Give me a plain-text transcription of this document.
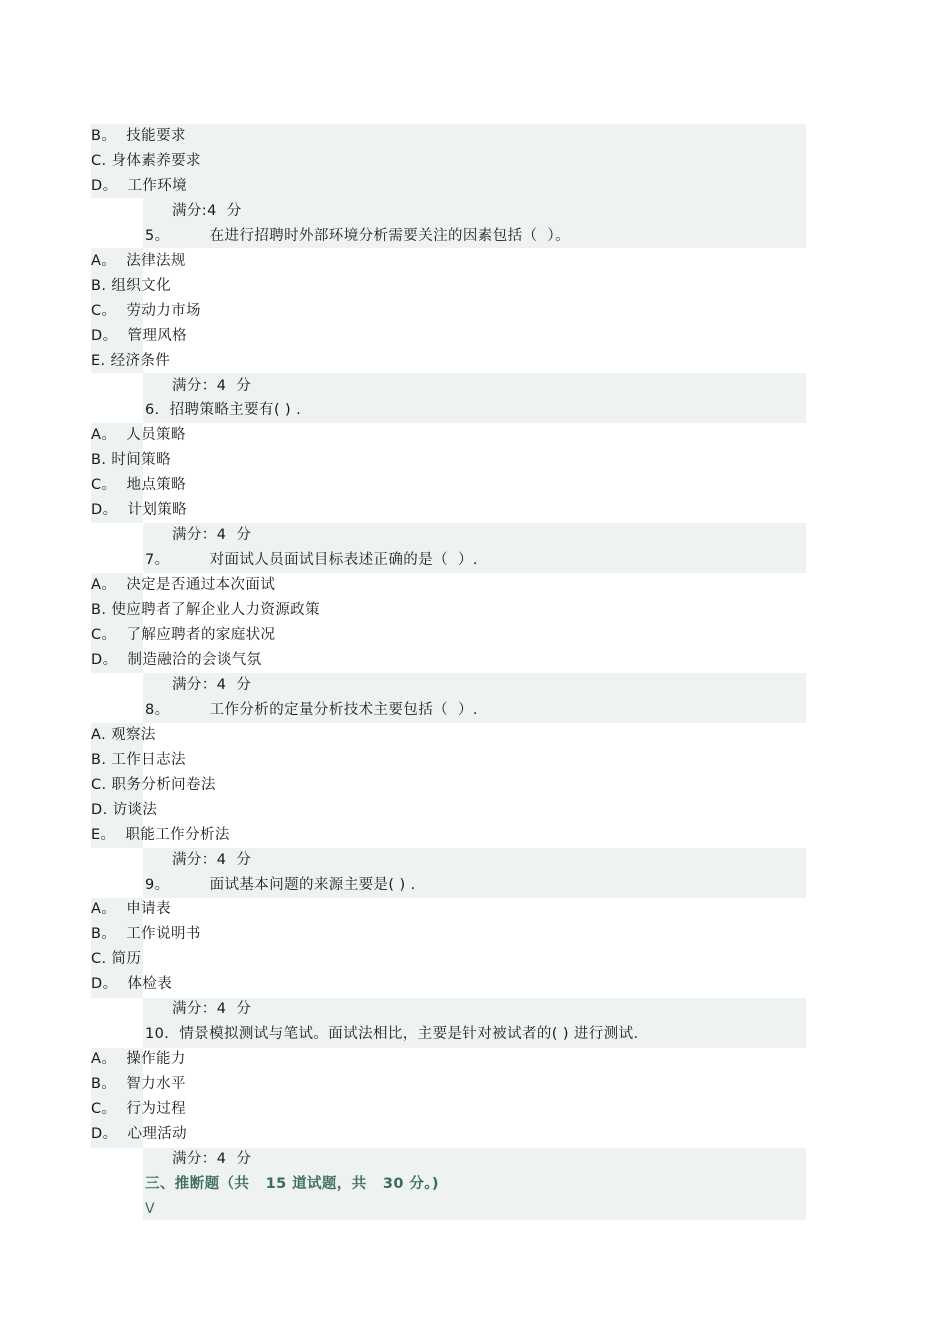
B。  技能要求
C. 身体素养要求
D。  工作环境
满分:4  分
5。        在进行招聘时外部环境分析需要关注的因素包括（  ）。
A。  法律法规
B. 组织文化
C。  劳动力市场
D。  管理风格
E. 经济条件
满分：4  分
6.  招聘策略主要有( ) .
A。  人员策略
B. 时间策略
C。  地点策略
D。  计划策略
满分：4  分
7。        对面试人员面试目标表述正确的是（  ）.
A。  决定是否通过本次面试
B. 使应聘者了解企业人力资源政策
C。  了解应聘者的家庭状况
D。  制造融洽的会谈气氛
满分：4  分
8。        工作分析的定量分析技术主要包括（  ）.
A. 观察法
B. 工作日志法
C. 职务分析问卷法
D. 访谈法
E。  职能工作分析法
满分：4  分
9。        面试基本问题的来源主要是( ) .
A。  申请表
B。  工作说明书
C. 简历
D。  体检表
满分：4  分
10.  情景模拟测试与笔试。面试法相比，主要是针对被试者的( ) 进行测试.
A。  操作能力
B。  智力水平
C。  行为过程
D。  心理活动
满分：4  分
三、推断题（共   15 道试题，共   30 分。)
V
